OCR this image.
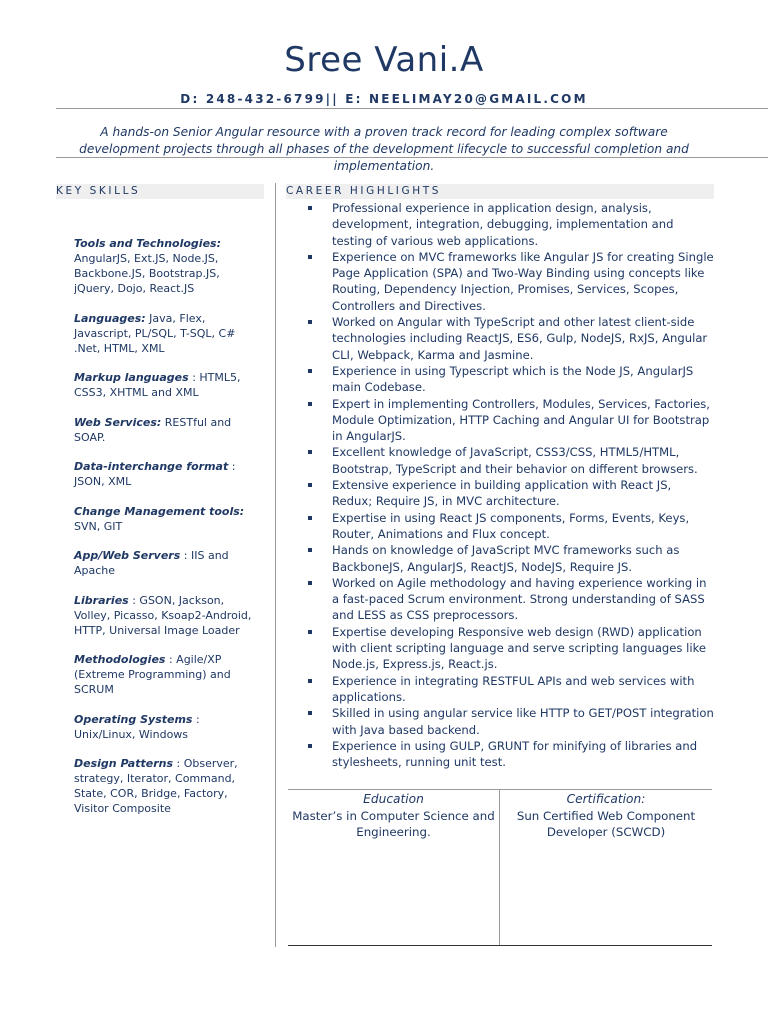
Sree Vani.A
D: 248-432-6799|| E: NEELIMAY20@GMAIL.COM
A hands-on Senior Angular resource with a proven track record for leading complex software development projects through all phases of the development lifecycle to successful completion and implementation.
KEY SKILLS	CAREER HIGHLIGHTS
Tools and Technologies: AngularJS, Ext.JS, Node.JS, Backbone.JS, Bootstrap.JS, jQuery, Dojo, React.JS
Languages: Java, Flex, Javascript, PL/SQL, T-SQL, C# .Net, HTML, XML
Markup languages : HTML5, CSS3, XHTML and XML
Web Services: RESTful and SOAP.
Data-interchange format : JSON, XML
Change Management tools: SVN, GIT
App/Web Servers : IIS and Apache
Libraries : GSON, Jackson, Volley, Picasso, Ksoap2-Android, HTTP, Universal Image Loader
Methodologies : Agile/XP (Extreme Programming) and SCRUM
Operating Systems : Unix/Linux, Windows
Design Patterns : Observer, strategy, Iterator, Command, State, COR, Bridge, Factory, Visitor Composite
Professional experience in application design, analysis, development, integration, debugging, implementation and testing of various web applications.
Experience on MVC frameworks like Angular JS for creating Single Page Application (SPA) and Two-Way Binding using concepts like Routing, Dependency Injection, Promises, Services, Scopes, Controllers and Directives.
Worked on Angular with TypeScript and other latest client-side technologies including ReactJS, ES6, Gulp, NodeJS, RxJS, Angular CLI, Webpack, Karma and Jasmine.
Experience in using Typescript which is the Node JS, AngularJS main Codebase.
Expert in implementing Controllers, Modules, Services, Factories, Module Optimization, HTTP Caching and Angular UI for Bootstrap in AngularJS.
Excellent knowledge of JavaScript, CSS3/CSS, HTML5/HTML, Bootstrap, TypeScript and their behavior on different browsers.
Extensive experience in building application with React JS, Redux; Require JS, in MVC architecture.
Expertise in using React JS components, Forms, Events, Keys, Router, Animations and Flux concept.
Hands on knowledge of JavaScript MVC frameworks such as BackboneJS, AngularJS, ReactJS, NodeJS, Require JS.
Worked on Agile methodology and having experience working in a fast-paced Scrum environment. Strong understanding of SASS and LESS as CSS preprocessors.
Expertise developing Responsive web design (RWD) application with client scripting language and serve scripting languages like Node.js, Express.js, React.js.
Experience in integrating RESTFUL APIs and web services with applications.
Skilled in using angular service like HTTP to GET/POST integration with Java based backend.
Experience in using GULP, GRUNT for minifying of libraries and stylesheets, running unit test.
Education
Master’s in Computer Science and Engineering.
Certification:
Sun Certified Web Component Developer (SCWCD)
